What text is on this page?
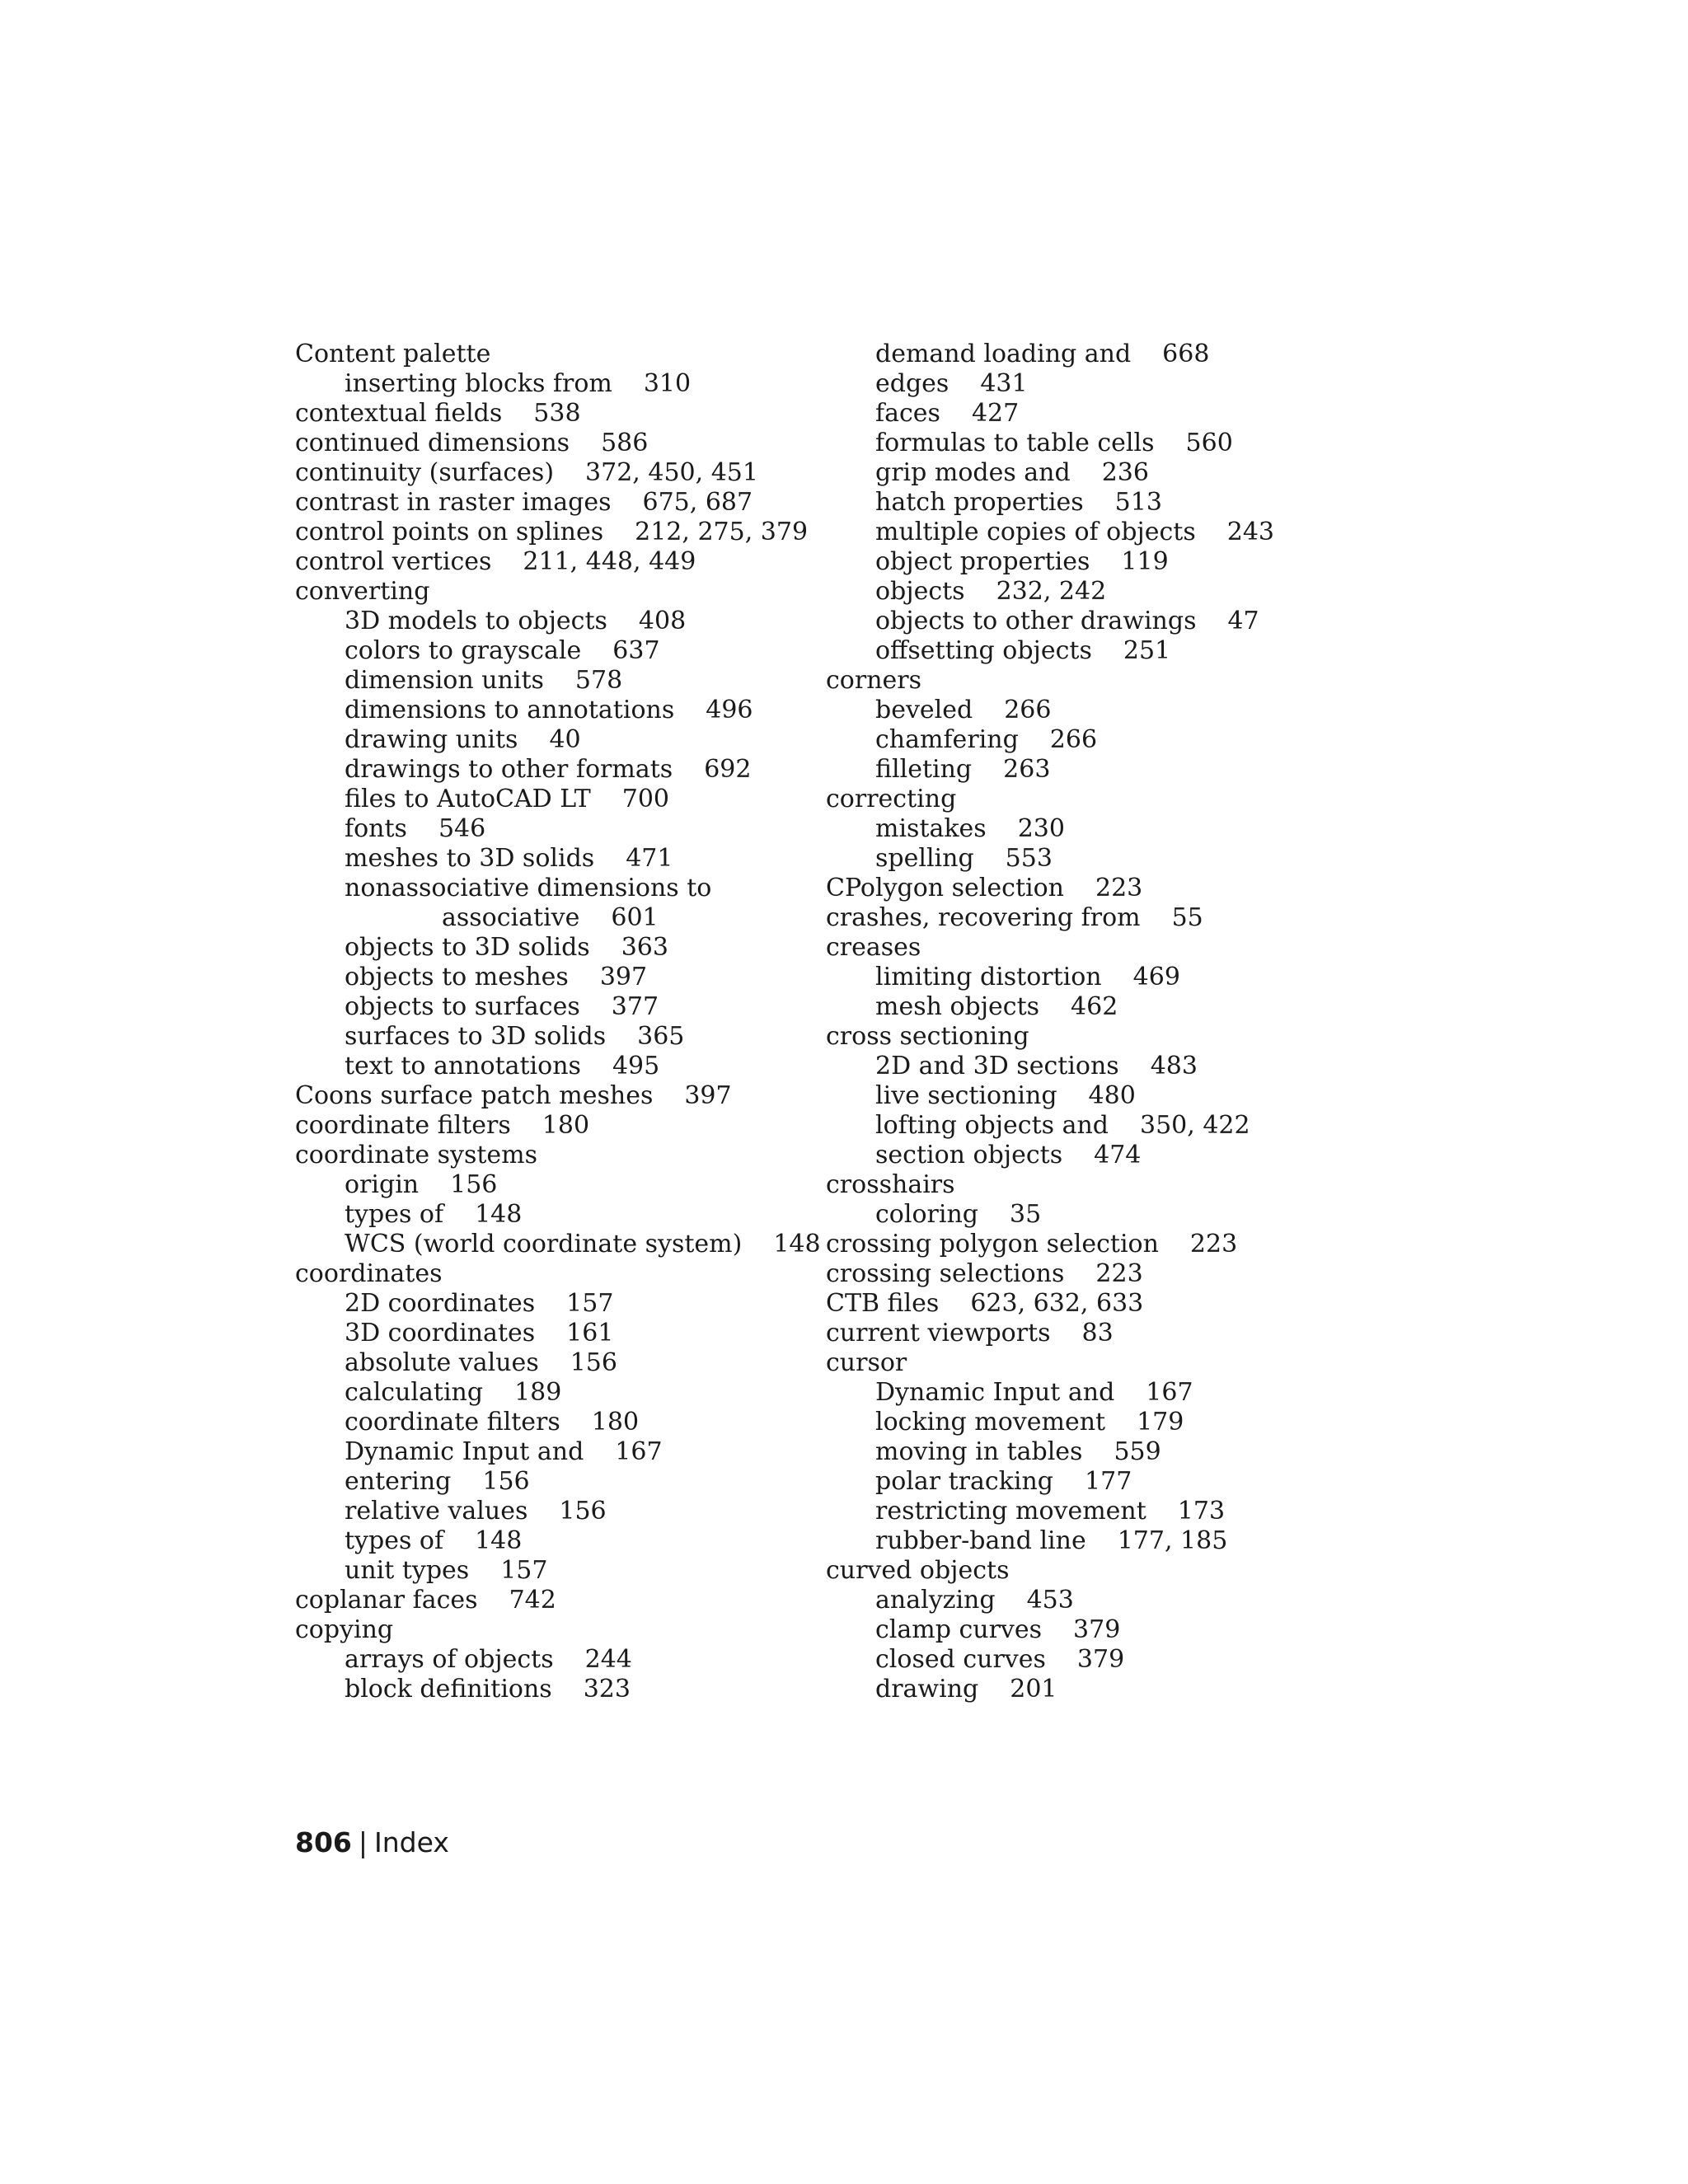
Content palette
inserting blocks from 310
contextual fields 538
continued dimensions 586
continuity (surfaces) 372, 450, 451
contrast in raster images 675, 687
control points on splines 212, 275, 379
control vertices 211, 448, 449
converting
3D models to objects 408
colors to grayscale 637
dimension units 578
dimensions to annotations 496
drawing units 40
drawings to other formats 692
files to AutoCAD LT 700
fonts 546
meshes to 3D solids 471
nonassociative dimensions to
associative 601
objects to 3D solids 363
objects to meshes 397
objects to surfaces 377
surfaces to 3D solids 365
text to annotations 495
Coons surface patch meshes 397
coordinate filters 180
coordinate systems
origin 156
types of 148
WCS (world coordinate system) 148
coordinates
2D coordinates 157
3D coordinates 161
absolute values 156
calculating 189
coordinate filters 180
Dynamic Input and 167
entering 156
relative values 156
types of 148
unit types 157
coplanar faces 742
copying
arrays of objects 244
block definitions 323
demand loading and 668
edges 431
faces 427
formulas to table cells 560
grip modes and 236
hatch properties 513
multiple copies of objects 243
object properties 119
objects 232, 242
objects to other drawings 47
offsetting objects 251
corners
beveled 266
chamfering 266
filleting 263
correcting
mistakes 230
spelling 553
CPolygon selection 223
crashes, recovering from 55
creases
limiting distortion 469
mesh objects 462
cross sectioning
2D and 3D sections 483
live sectioning 480
lofting objects and 350, 422
section objects 474
crosshairs
coloring 35
crossing polygon selection 223
crossing selections 223
CTB files 623, 632, 633
current viewports 83
cursor
Dynamic Input and 167
locking movement 179
moving in tables 559
polar tracking 177
restricting movement 173
rubber-band line 177, 185
curved objects
analyzing 453
clamp curves 379
closed curves 379
drawing 201
806 | Index
